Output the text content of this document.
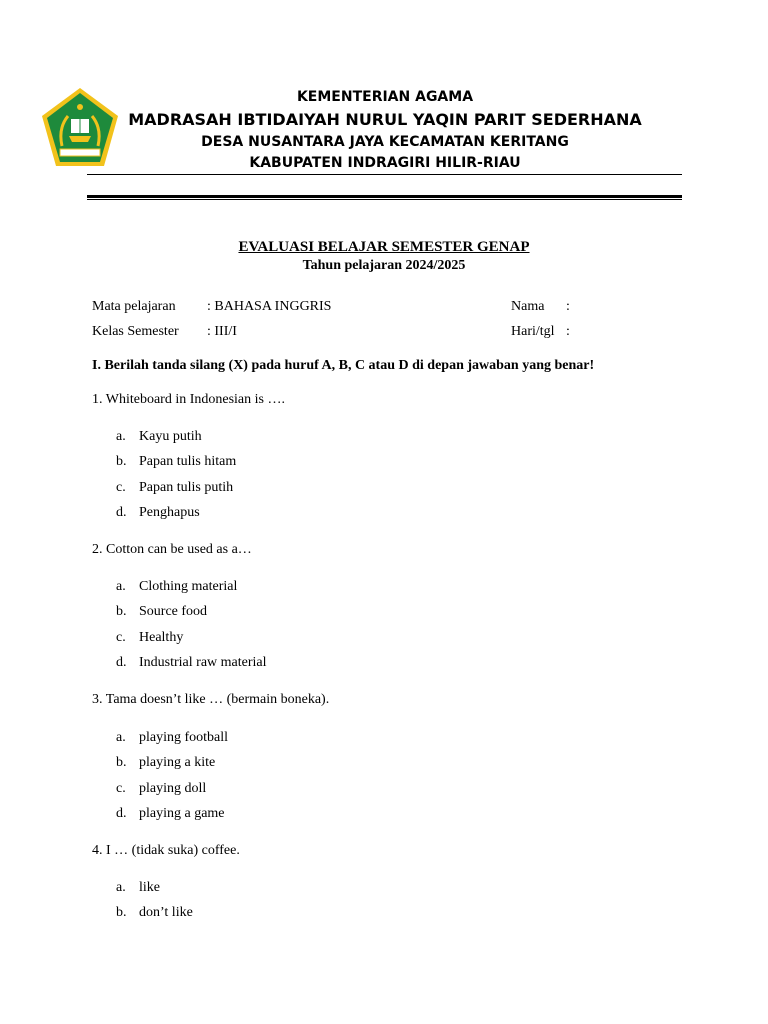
KEMENTERIAN AGAMA
MADRASAH IBTIDAIYAH NURUL YAQIN PARIT SEDERHANA
DESA NUSANTARA JAYA KECAMATAN KERITANG
KABUPATEN INDRAGIRI HILIR-RIAU
EVALUASI BELAJAR SEMESTER GENAP
Tahun pelajaran 2024/2025
Mata pelajaran : BAHASA INGGRIS
Kelas Semester : III/I
Nama :
Hari/tgl :
I. Berilah tanda silang (X) pada huruf A, B, C atau D di depan jawaban yang benar!
1. Whiteboard in Indonesian is ….
a. Kayu putih
b. Papan tulis hitam
c. Papan tulis putih
d. Penghapus
2. Cotton can be used as a…
a. Clothing material
b. Source food
c. Healthy
d. Industrial raw material
3. Tama doesn’t like … (bermain boneka).
a. playing football
b. playing a kite
c. playing doll
d. playing a game
4. I … (tidak suka) coffee.
a. like
b. don’t like
